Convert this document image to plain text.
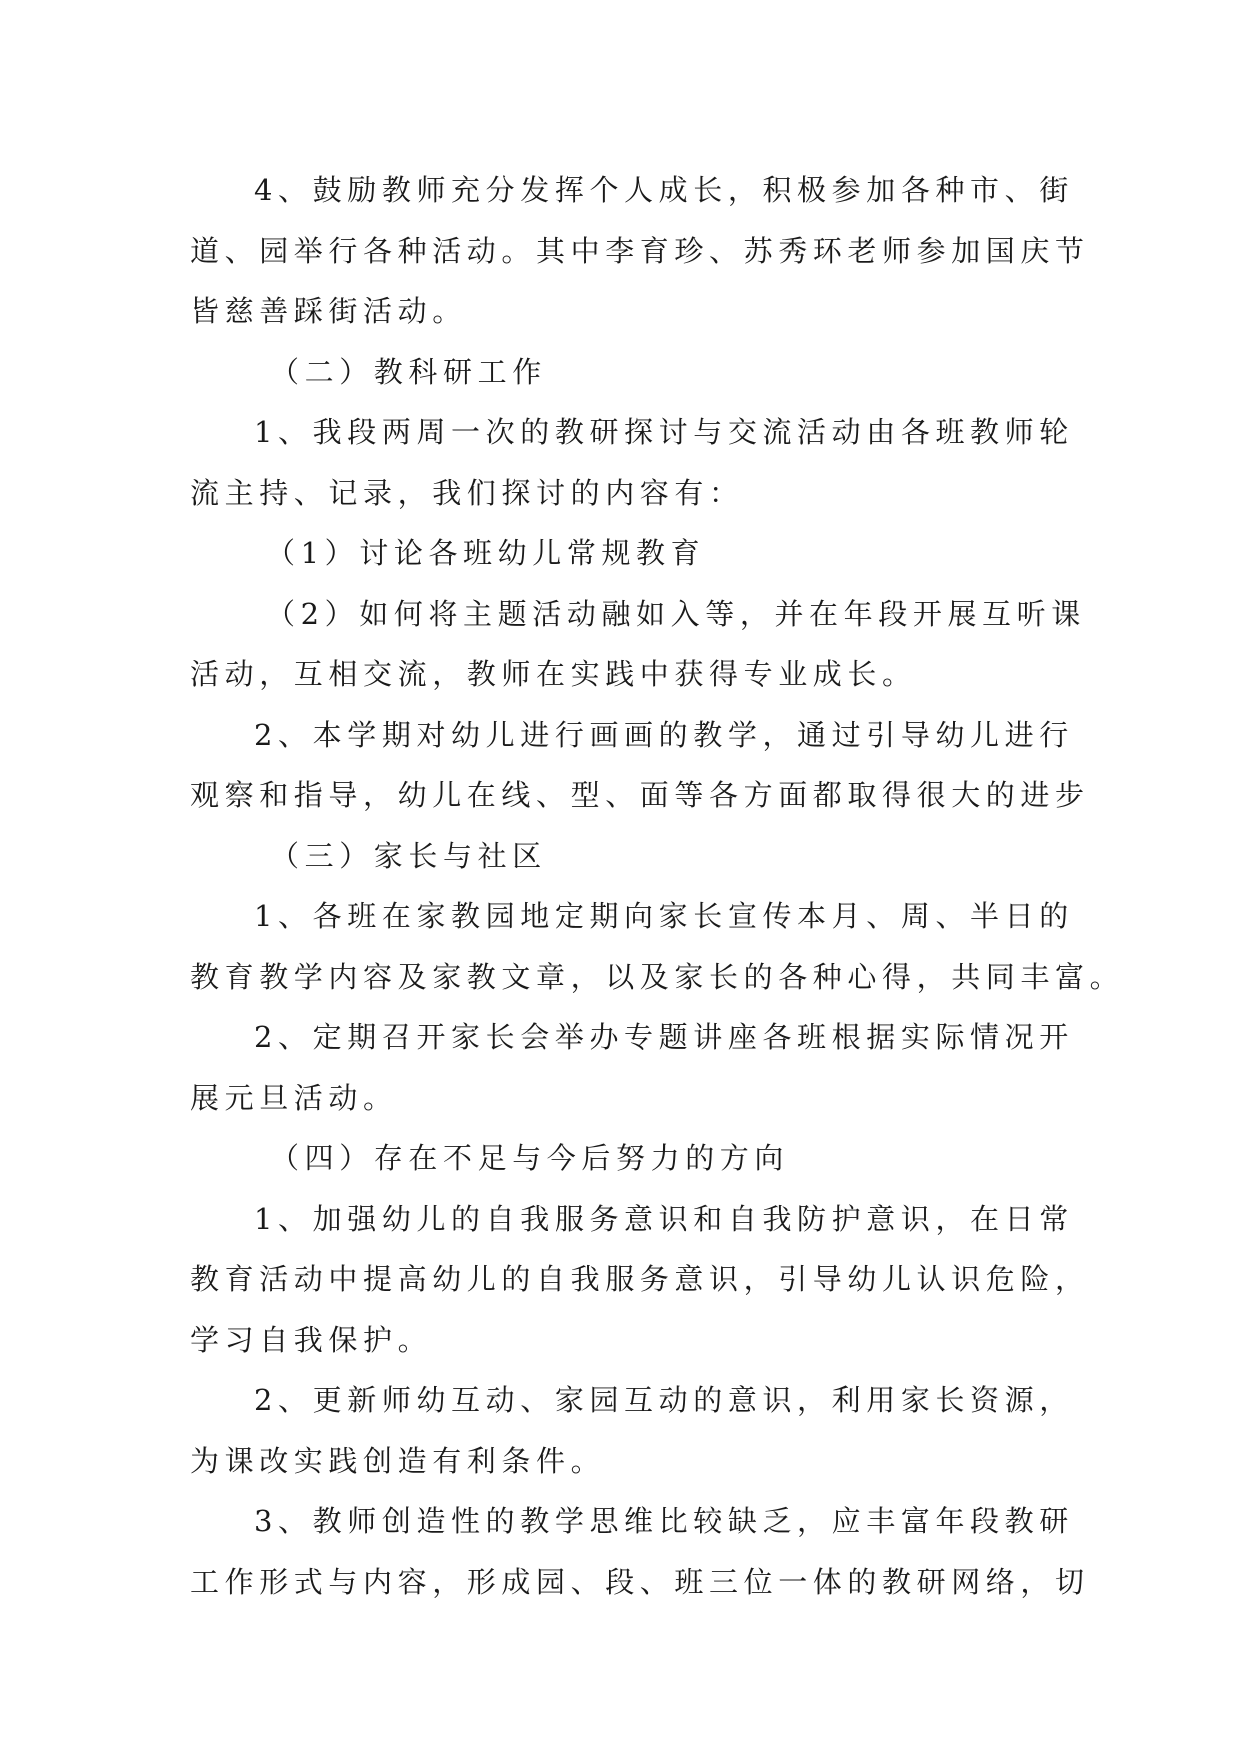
4、鼓励教师充分发挥个人成长，积极参加各种市、街
道、园举行各种活动。其中李育珍、苏秀环老师参加国庆节
皆慈善踩街活动。
（二）教科研工作
1、我段两周一次的教研探讨与交流活动由各班教师轮
流主持、记录，我们探讨的内容有：
（1）讨论各班幼儿常规教育
（2）如何将主题活动融如入等，并在年段开展互听课
活动，互相交流，教师在实践中获得专业成长。
2、本学期对幼儿进行画画的教学，通过引导幼儿进行
观察和指导，幼儿在线、型、面等各方面都取得很大的进步
（三）家长与社区
1、各班在家教园地定期向家长宣传本月、周、半日的
教育教学内容及家教文章，以及家长的各种心得，共同丰富。
2、定期召开家长会举办专题讲座各班根据实际情况开
展元旦活动。
（四）存在不足与今后努力的方向
1、加强幼儿的自我服务意识和自我防护意识，在日常
教育活动中提高幼儿的自我服务意识，引导幼儿认识危险，
学习自我保护。
2、更新师幼互动、家园互动的意识，利用家长资源，
为课改实践创造有利条件。
3、教师创造性的教学思维比较缺乏，应丰富年段教研
工作形式与内容，形成园、段、班三位一体的教研网络，切
